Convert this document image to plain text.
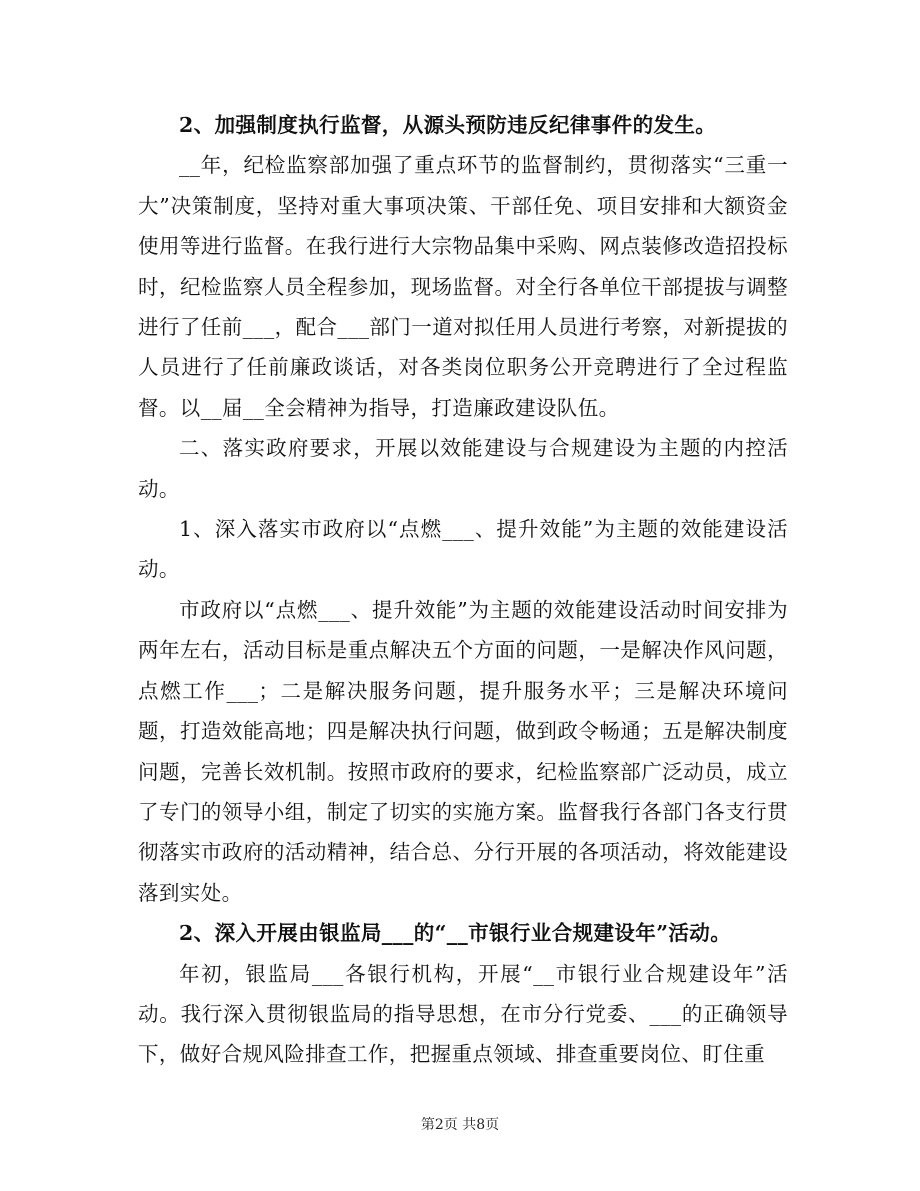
2、加强制度执行监督，从源头预防违反纪律事件的发生。

__年，纪检监察部加强了重点环节的监督制约，贯彻落实“三重一大”决策制度，坚持对重大事项决策、干部任免、项目安排和大额资金使用等进行监督。在我行进行大宗物品集中采购、网点装修改造招投标时，纪检监察人员全程参加，现场监督。对全行各单位干部提拔与调整进行了任前___，配合___部门一道对拟任用人员进行考察，对新提拔的人员进行了任前廉政谈话，对各类岗位职务公开竞聘进行了全过程监督。以__届__全会精神为指导，打造廉政建设队伍。

二、落实政府要求，开展以效能建设与合规建设为主题的内控活动。

1、深入落实市政府以“点燃___、提升效能”为主题的效能建设活动。

市政府以“点燃___、提升效能”为主题的效能建设活动时间安排为两年左右，活动目标是重点解决五个方面的问题，一是解决作风问题，点燃工作___；二是解决服务问题，提升服务水平；三是解决环境问题，打造效能高地；四是解决执行问题，做到政令畅通；五是解决制度问题，完善长效机制。按照市政府的要求，纪检监察部广泛动员，成立了专门的领导小组，制定了切实的实施方案。监督我行各部门各支行贯彻落实市政府的活动精神，结合总、分行开展的各项活动，将效能建设落到实处。

2、深入开展由银监局___的“__市银行业合规建设年”活动。

年初，银监局___各银行机构，开展“__市银行业合规建设年”活动。我行深入贯彻银监局的指导思想，在市分行党委、___的正确领导下，做好合规风险排查工作，把握重点领域、排查重要岗位、盯住重

第2页 共8页
